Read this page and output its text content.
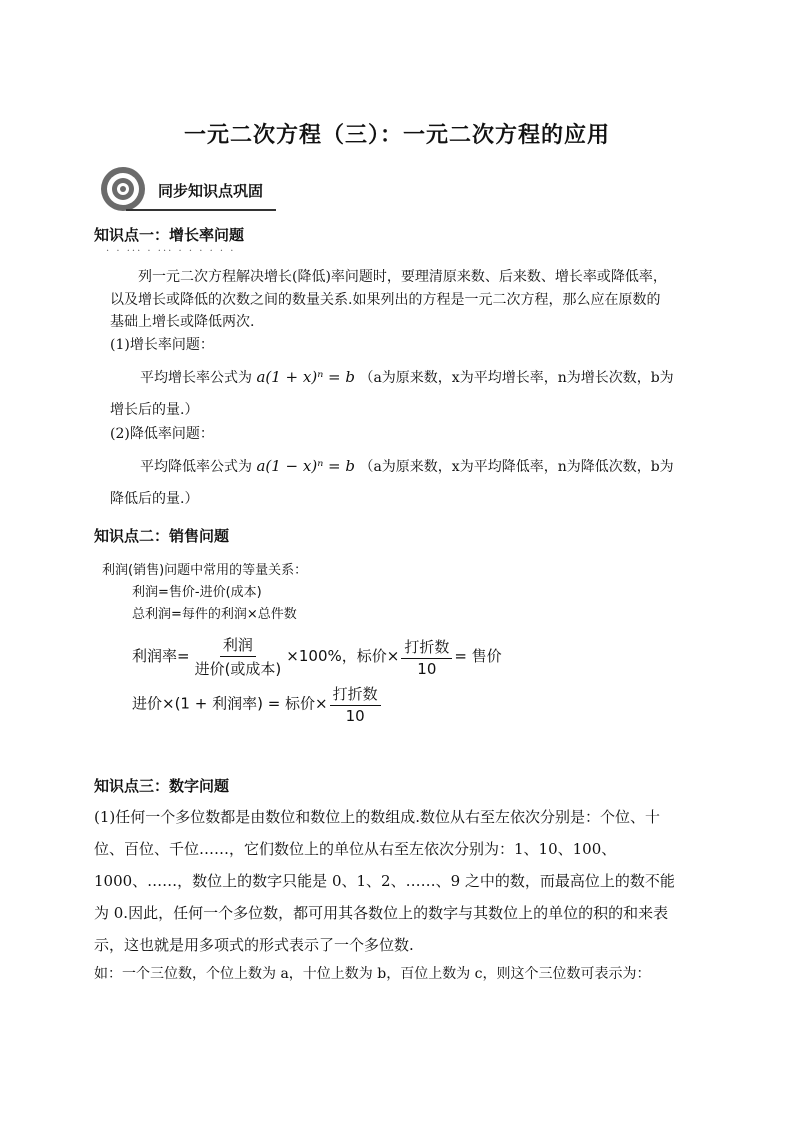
一元二次方程（三）：一元二次方程的应用
同步知识点巩固
知识点一：增长率问题
· · ··· · ··· · · · · · ·
列一元二次方程解决增长(降低)率问题时，要理清原来数、后来数、增长率或降低率，
以及增长或降低的次数之间的数量关系.如果列出的方程是一元二次方程，那么应在原数的
基础上增长或降低两次.
(1)增长率问题：
平均增长率公式为 a(1 + x)ⁿ = b （a为原来数，x为平均增长率，n为增长次数，b为
增长后的量.）
(2)降低率问题：
平均降低率公式为 a(1 − x)ⁿ = b （a为原来数，x为平均降低率，n为降低次数，b为
降低后的量.）
知识点二：销售问题
利润(销售)问题中常用的等量关系：
利润=售价-进价(成本)
总利润=每件的利润×总件数
利润率= $\frac{\text{利润}}{\text{进价(或成本)}} \times 100\%$，标价× $\frac{\text{打折数}}{10}$ = 售价
进价×(1 + 利润率) = 标价× $\frac{\text{打折数}}{10}$
知识点三：数字问题
(1)任何一个多位数都是由数位和数位上的数组成.数位从右至左依次分别是：个位、十
位、百位、千位……，它们数位上的单位从右至左依次分别为：1、10、100、
1000、……，数位上的数字只能是 0、1、2、……、9 之中的数，而最高位上的数不能
为 0.因此，任何一个多位数，都可用其各数位上的数字与其数位上的单位的积的和来表
示，这也就是用多项式的形式表示了一个多位数.
如：一个三位数，个位上数为 a，十位上数为 b，百位上数为 c，则这个三位数可表示为：
